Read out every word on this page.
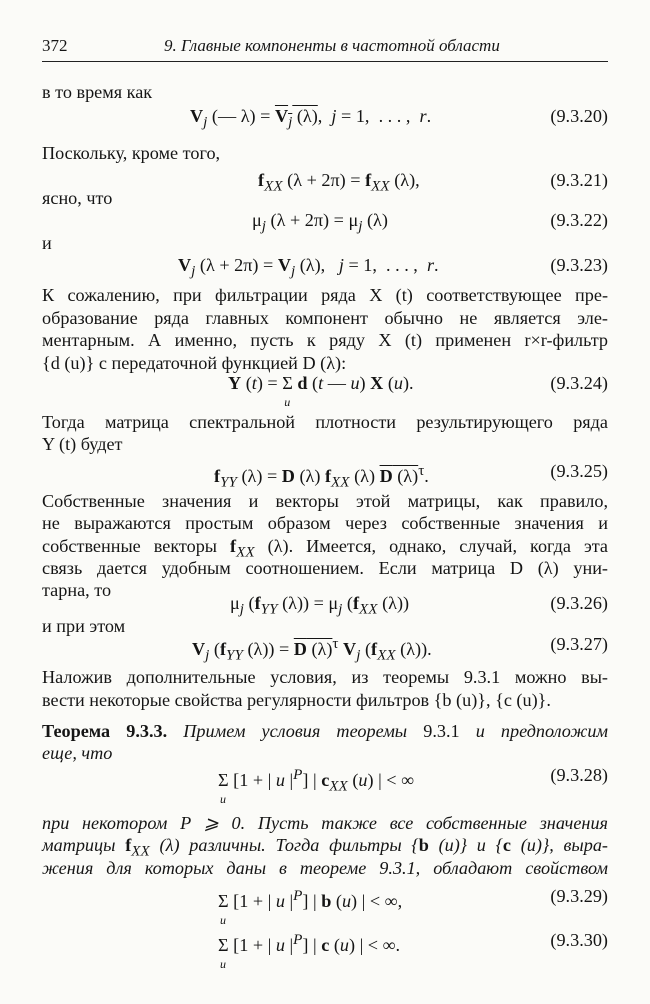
372	9. Главные компоненты в частотной области
в то время как
$V_j$ (— $\lambda) = V_j$ (λ),  j = 1,  . . . ,  r.	(9.3.20)
Поскольку, кроме того,
$f_{XX}$ $(\lambda + 2\pi) = f_{XX}$ (λ),	(9.3.21)
ясно, что
$\mu_j$ $(\lambda + 2\pi) = \mu_j$ (λ)	(9.3.22)
и
$V_j$ $(\lambda + 2\pi) = V_j$ (λ),   j = 1,  . . . ,  r.	(9.3.23)
К сожалению, при фильтрации ряда X (t) соответствующее пре-
образование ряда главных компонент обычно не является эле-
ментарным. А именно, пусть к ряду X (t) применен r×r-фильтр
{d (u)} с передаточной функцией D (λ):
Y (t) = Σ
u
d (t — u) X (u).	(9.3.24)
Тогда матрица спектральной плотности результирующего ряда
Y (t) будет
$f_{YY}$ (λ) = D (λ) $f_{XX}$ (λ) D $(\lambda)^\tau$.	(9.3.25)
Собственные значения и векторы этой матрицы, как правило,
не выражаются простым образом через собственные значения и
собственные векторы $f_{XX}$ (λ). Имеется, однако, случай, когда эта
связь дается удобным соотношением. Если матрица D (λ) уни-
тарна, то
$\mu_j$ ($f_{YY}$ $(\lambda)) = \mu_j$ ($f_{XX}$ (λ))	(9.3.26)
и при этом
$V_j$ ($f_{YY}$ (λ)) = D $(\lambda)^\tau$ $V_j$ ($f_{XX}$ (λ)).	(9.3.27)
Наложив дополнительные условия, из теоремы 9.3.1 можно вы-
вести некоторые свойства регулярности фильтров {b (u)}, {c (u)}.
Теорема 9.3.3. Примем условия теоремы 9.3.1 и предположим
еще, что
Σ
u
[1 + | u $|^P$] | $c_{XX}$ (u) | < ∞	(9.3.28)
при некотором P ⩾ 0. Пусть также все собственные значения
матрицы $f_{XX}$ (λ) различны. Тогда фильтры {b (u)} и {c (u)}, выра-
жения для которых даны в теореме 9.3.1, обладают свойством
Σ
u
[1 + | u $|^P$] | b (u) | < ∞,	(9.3.29)
Σ
u
[1 + | u $|^P$] | c (u) | < ∞.	(9.3.30)
